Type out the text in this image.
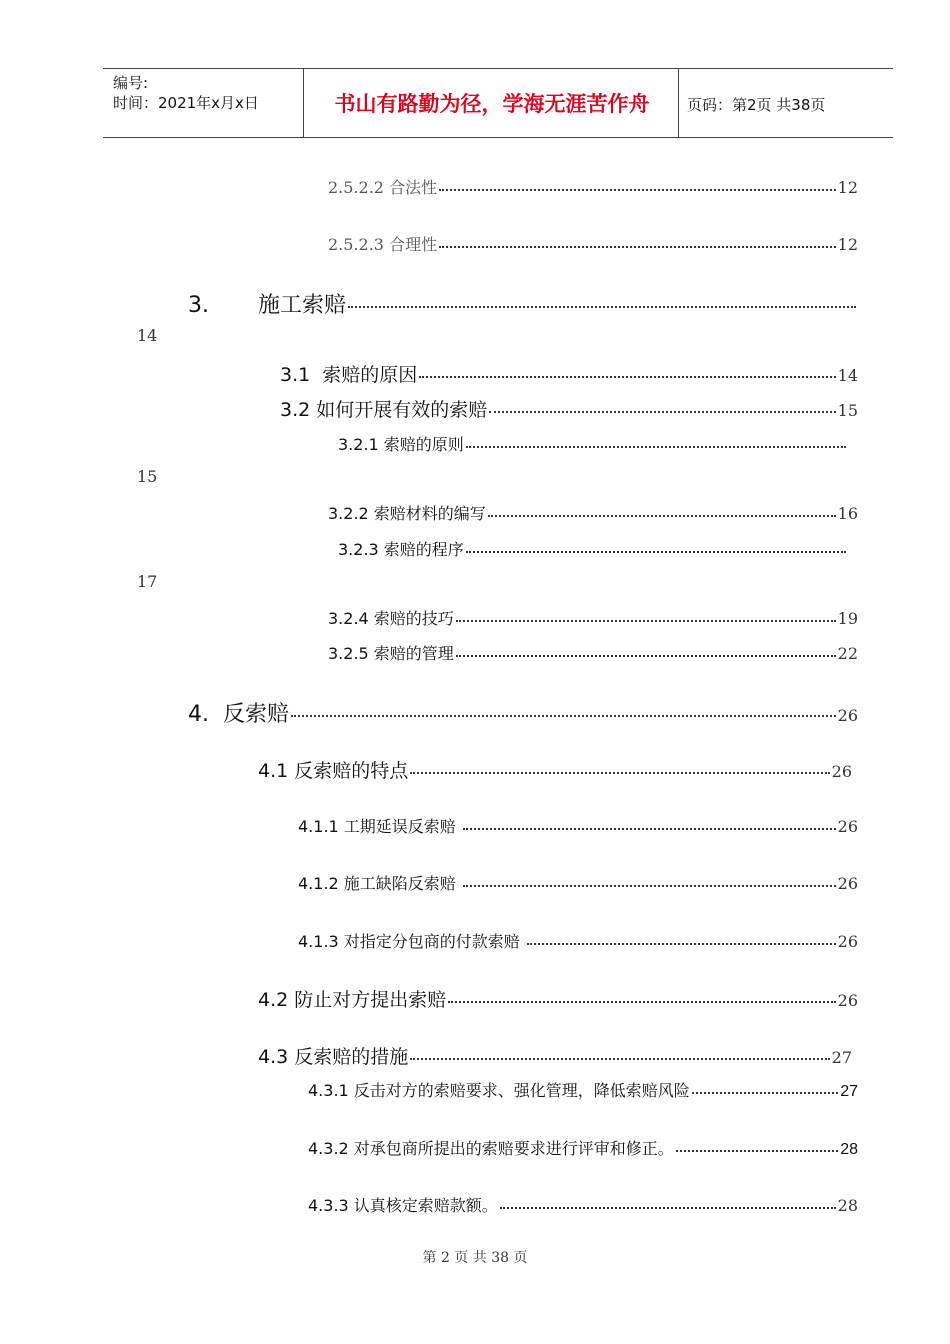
编号:
时间：2021年x月x日	书山有路勤为径，学海无涯苦作舟	页码：第2页 共38页
2.5.2.2 合法性	12
2.5.2.3 合理性	12
3.       施工索赔
14
3.1  索赔的原因	14
3.2 如何开展有效的索赔	15
3.2.1 索赔的原则
15
3.2.2 索赔材料的编写	16
3.2.3 索赔的程序
17
3.2.4 索赔的技巧	19
3.2.5 索赔的管理	22
4.  反索赔	26
4.1 反索赔的特点	26
4.1.1 工期延误反索赔	26
4.1.2 施工缺陷反索赔	26
4.1.3 对指定分包商的付款索赔	26
4.2 防止对方提出索赔	26
4.3 反索赔的措施	27
4.3.1 反击对方的索赔要求、强化管理，降低索赔风险	27
4.3.2 对承包商所提出的索赔要求进行评审和修正。	28
4.3.3 认真核定索赔款额。	28
第 2 页 共 38 页
